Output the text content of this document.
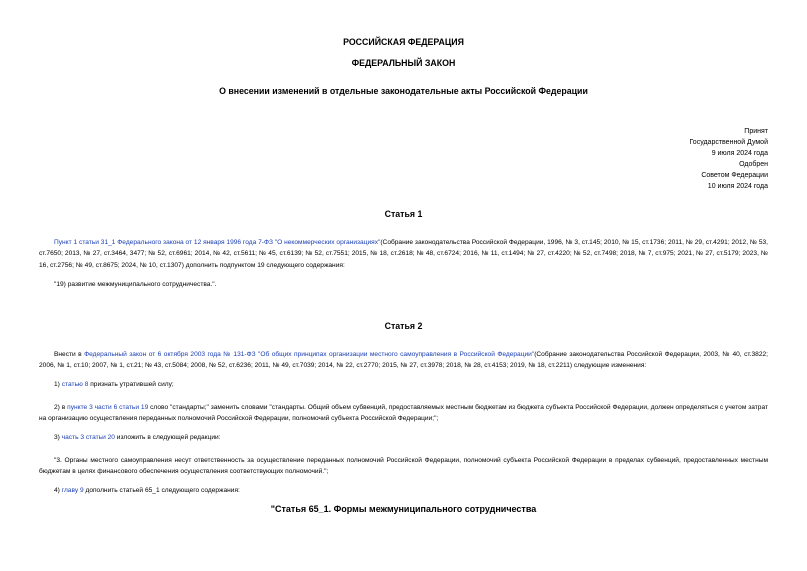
РОССИЙСКАЯ ФЕДЕРАЦИЯ
ФЕДЕРАЛЬНЫЙ ЗАКОН
О внесении изменений в отдельные законодательные акты Российской Федерации
Принят
Государственной Думой
9 июля 2024 года
Одобрен
Советом Федерации
10 июля 2024 года
Статья 1
Пункт 1 статьи 31_1 Федерального закона от 12 января 1996 года 7-ФЗ "О некоммерческих организациях"(Собрание законодательства Российской Федерации, 1996, № 3, ст.145; 2010, № 15, ст.1736; 2011, № 29, ст.4291; 2012, № 53, ст.7650; 2013, № 27, ст.3464, 3477; № 52, ст.6961; 2014, № 42, ст.5611; № 45, ст.6139; № 52, ст.7551; 2015, № 18, ст.2618; № 48, ст.6724; 2016, № 11, ст.1494; № 27, ст.4220; № 52, ст.7498; 2018, № 7, ст.975; 2021, № 27, ст.5179; 2023, № 16, ст.2756; № 49, ст.8675; 2024, № 10, ст.1307) дополнить подпунктом 19 следующего содержания:
"19) развитие межмуниципального сотрудничества.".
Статья 2
Внести в Федеральный закон от 6 октября 2003 года № 131-ФЗ "Об общих принципах организации местного самоуправления в Российской Федерации"(Собрание законодательства Российской Федерации, 2003, № 40, ст.3822; 2006, № 1, ст.10; 2007, № 1, ст.21; № 43, ст.5084; 2008, № 52, ст.6236; 2011, № 49, ст.7039; 2014, № 22, ст.2770; 2015, № 27, ст.3978; 2018, № 28, ст.4153; 2019, № 18, ст.2211) следующие изменения:
1) статью 8 признать утратившей силу;
2) в пункте 3 части 6 статьи 19 слово "стандарты;" заменить словами "стандарты. Общий объем субвенций, предоставляемых местным бюджетам из бюджета субъекта Российской Федерации, должен определяться с учетом затрат на организацию осуществления переданных полномочий Российской Федерации, полномочий субъекта Российской Федерации;";
3) часть 3 статьи 20 изложить в следующей редакции:
"3. Органы местного самоуправления несут ответственность за осуществление переданных полномочий Российской Федерации, полномочий субъекта Российской Федерации в пределах субвенций, предоставленных местным бюджетам в целях финансового обеспечения осуществления соответствующих полномочий.";
4) главу 9 дополнить статьей 65_1 следующего содержания:
"Статья 65_1. Формы межмуниципального сотрудничества
